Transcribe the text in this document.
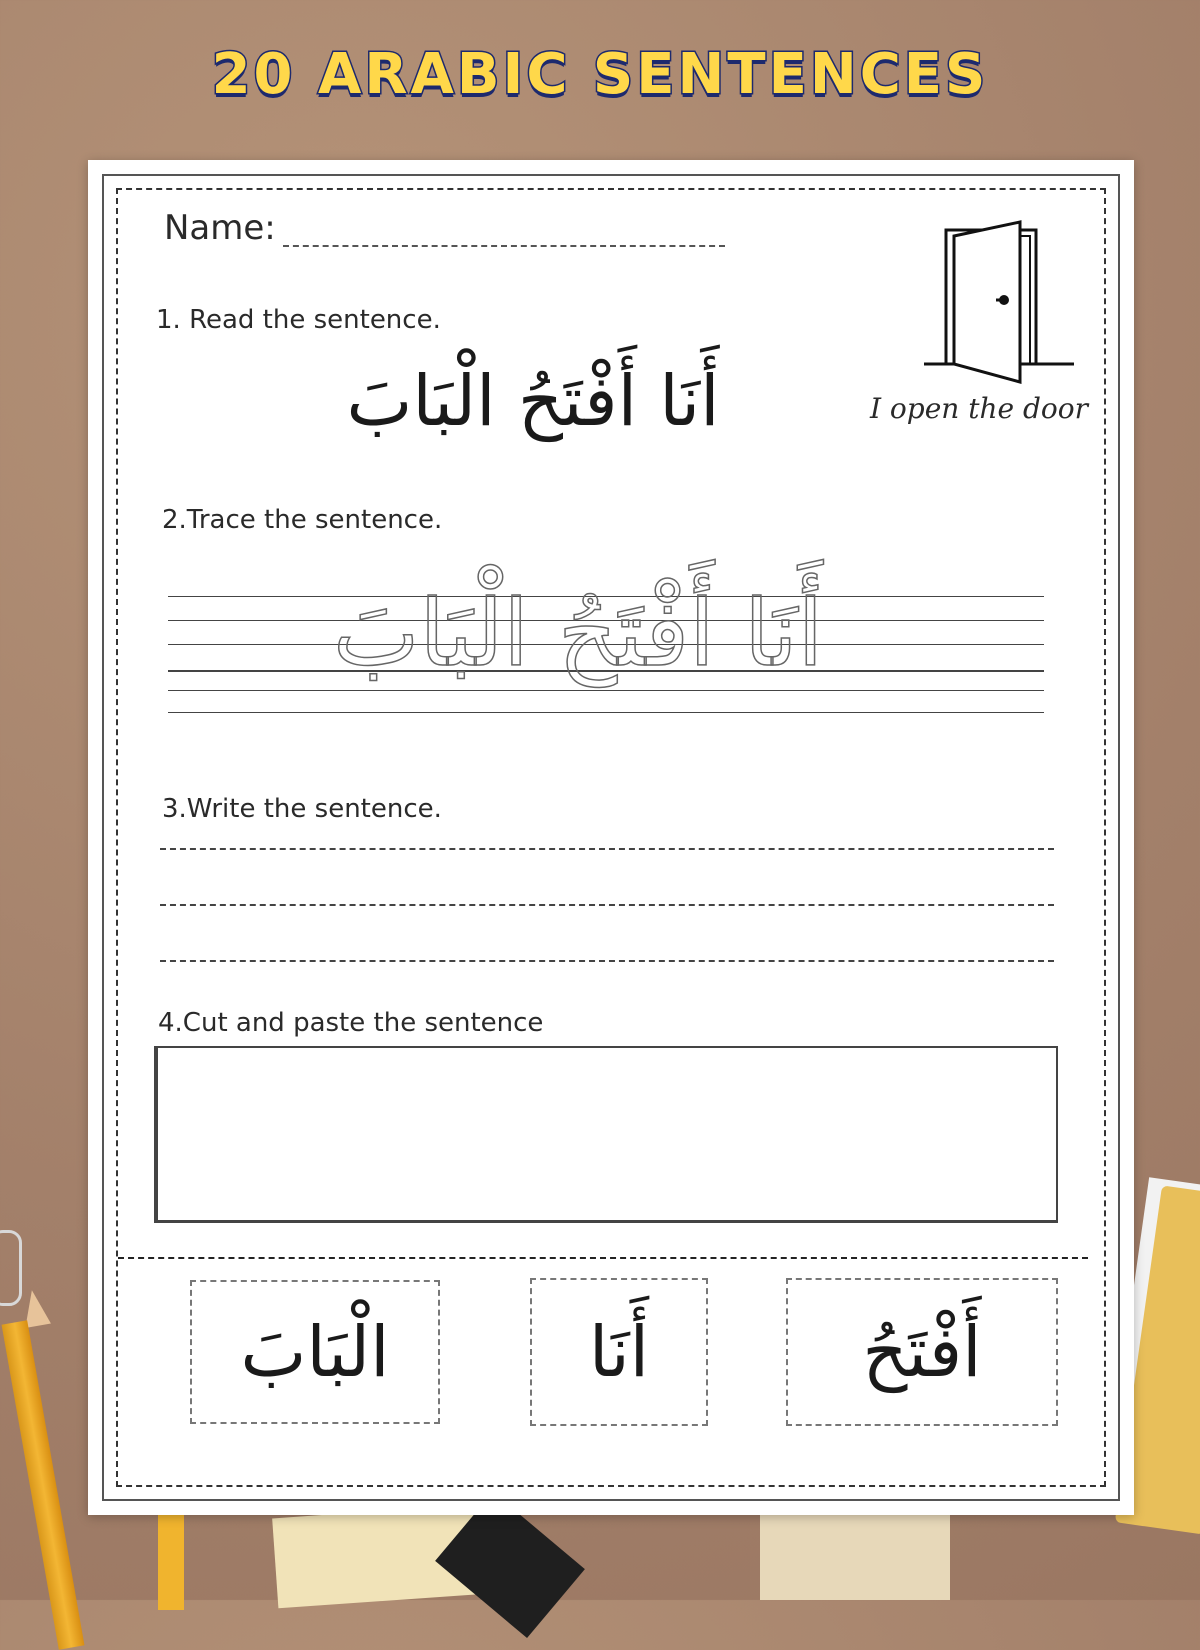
20 ARABIC SENTENCES
Name:
1. Read the sentence.
أَنَا أَفْتَحُ الْبَابَ	I open the door
2.Trace the sentence.
أَنَا أَفْتَحُ الْبَابَ
3.Write the sentence.
4.Cut and paste the sentence
الْبَابَ	أَنَا	أَفْتَحُ
